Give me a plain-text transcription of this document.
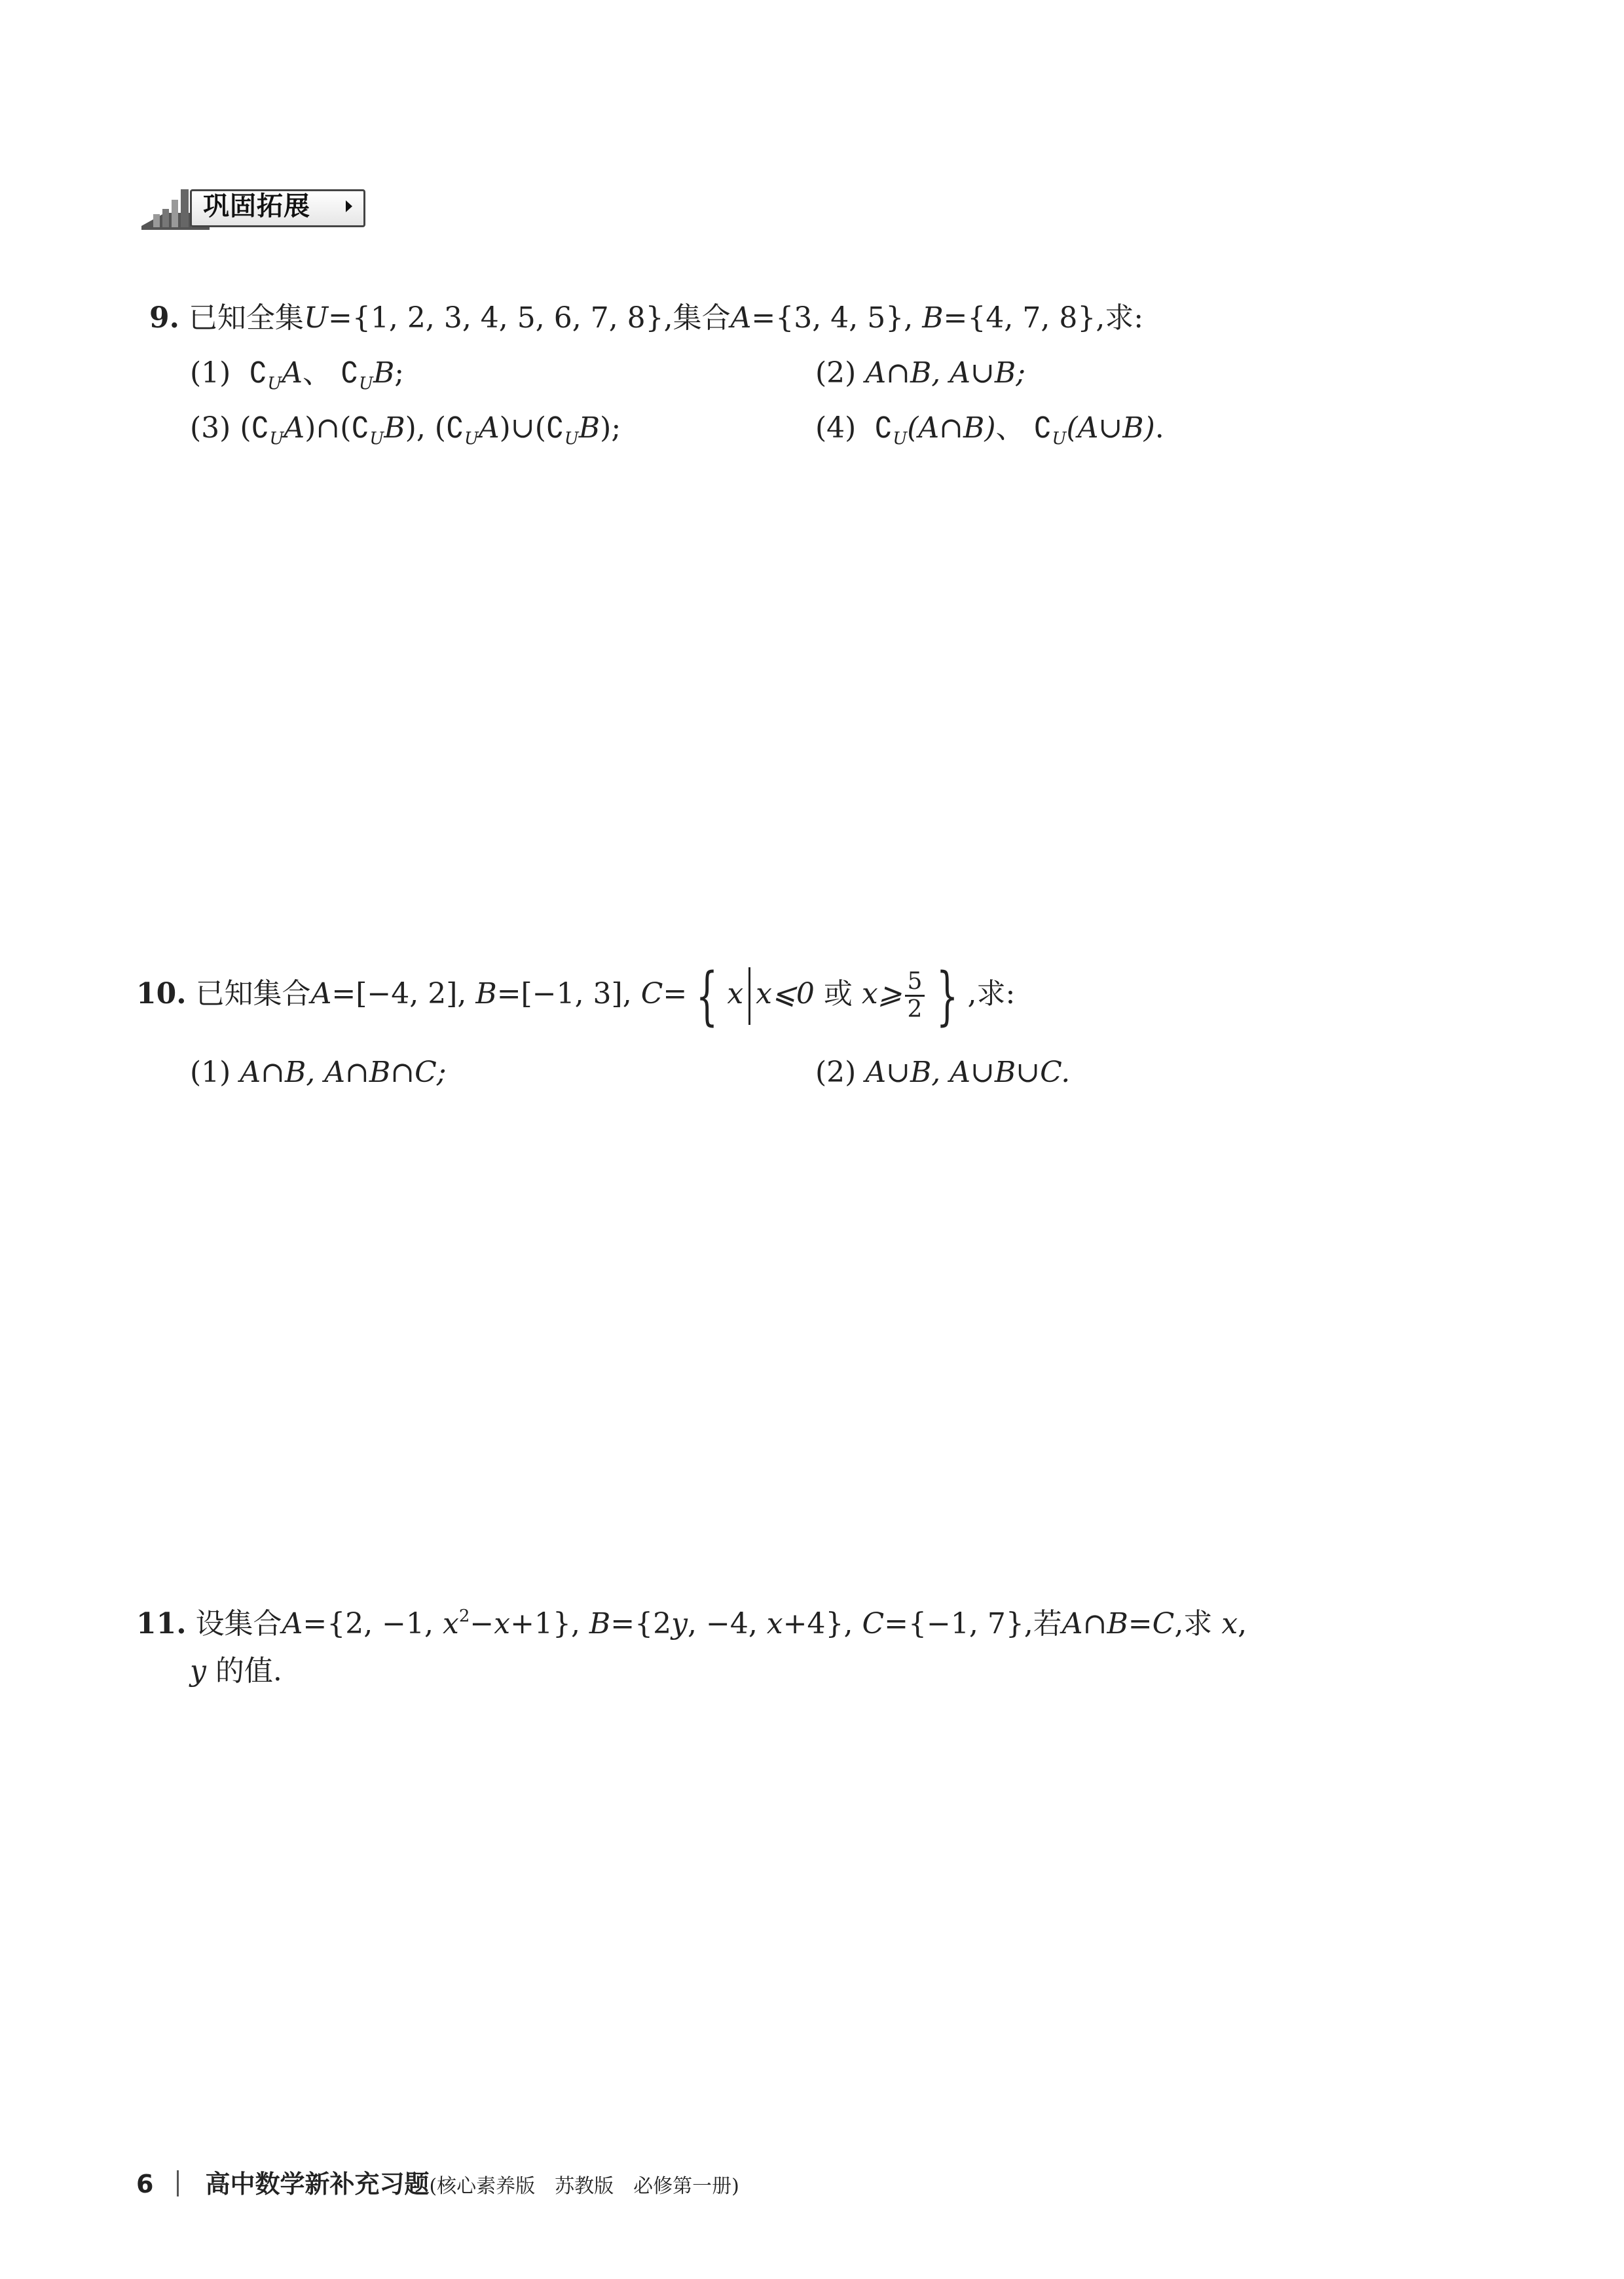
巩固拓展
9. 已知全集U={1, 2, 3, 4, 5, 6, 7, 8},集合A={3, 4, 5}, B={4, 7, 8},求:
(1) $∁_UA$、 $∁_UB$;	(2) A∩B, A∪B;
(3) $(∁_UA)\cap(∁_UB)$, $(∁_UA)\cup(∁_UB)$;	(4) $∁_U(A\cap B)$、 $∁_U(A\cup B)$.
10. 已知集合A=[−4, 2], B=[−1, 3], C= { x x⩽0 或 x⩾ $\frac{5}{2}$ } ,求:
(1) A∩B, A∩B∩C;	(2) A∪B, A∪B∪C.
11. 设集合A={2, −1, $x^2-x+1$}, B={2y, −4, x+4}, C={−1, 7},若A∩B=C,求 x,
y 的值.
6 高中数学新补充习题(核心素养版　苏教版　必修第一册)
